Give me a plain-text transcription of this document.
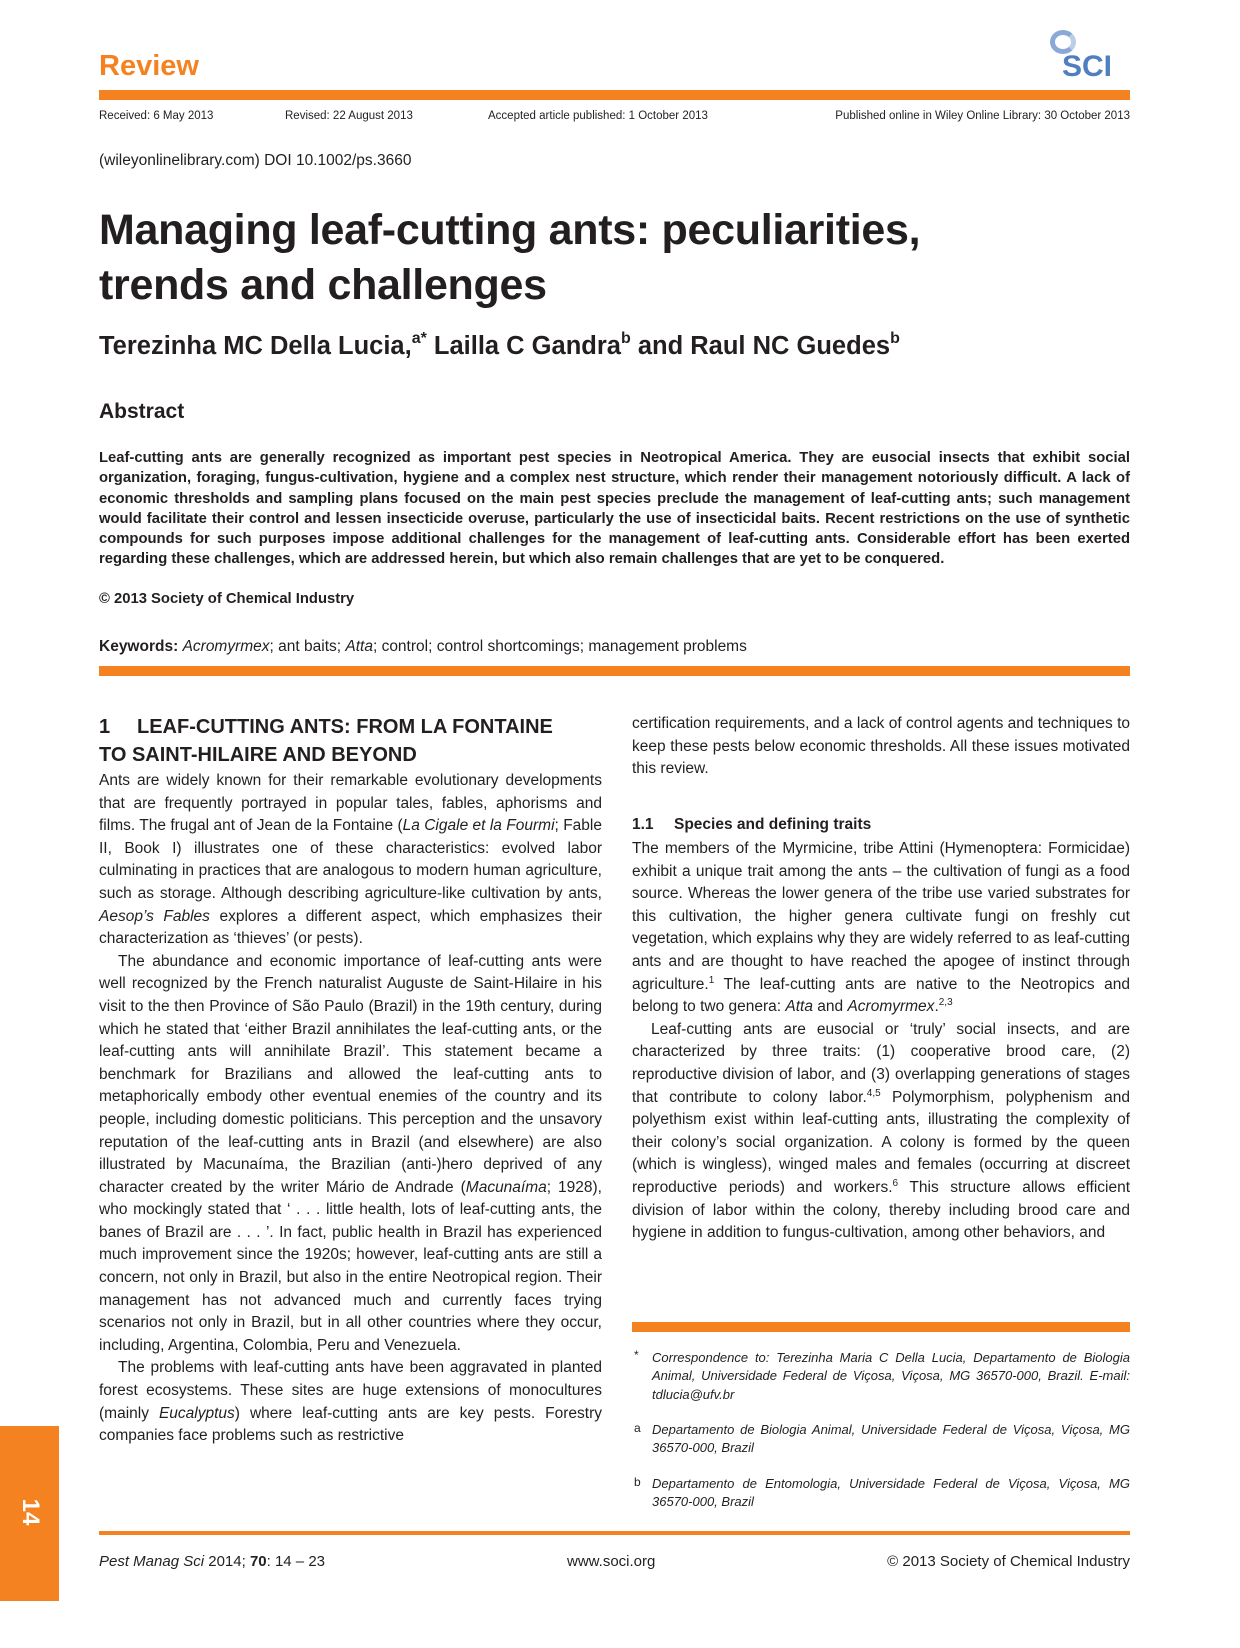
Review	SCI
Received: 6 May 2013	Revised: 22 August 2013	Accepted article published: 1 October 2013	Published online in Wiley Online Library: 30 October 2013
(wileyonlinelibrary.com) DOI 10.1002/ps.3660
Managing leaf-cutting ants: peculiarities,
trends and challenges
Terezinha MC Della Lucia,$^{a*}$ Lailla C Gandra$^b$ and Raul NC Guedes$^b$
Abstract
Leaf-cutting ants are generally recognized as important pest species in Neotropical America. They are eusocial insects that exhibit social organization, foraging, fungus-cultivation, hygiene and a complex nest structure, which render their management notoriously difficult. A lack of economic thresholds and sampling plans focused on the main pest species preclude the management of leaf-cutting ants; such management would facilitate their control and lessen insecticide overuse, particularly the use of insecticidal baits. Recent restrictions on the use of synthetic compounds for such purposes impose additional challenges for the management of leaf-cutting ants. Considerable effort has been exerted regarding these challenges, which are addressed herein, but which also remain challenges that are yet to be conquered.
© 2013 Society of Chemical Industry
Keywords: Acromyrmex; ant baits; Atta; control; control shortcomings; management problems
1 LEAF-CUTTING ANTS: FROM LA FONTAINE
TO SAINT-HILAIRE AND BEYOND

Ants are widely known for their remarkable evolutionary developments that are frequently portrayed in popular tales, fables, aphorisms and films. The frugal ant of Jean de la Fontaine (La Cigale et la Fourmi; Fable II, Book I) illustrates one of these characteristics: evolved labor culminating in practices that are analogous to modern human agriculture, such as storage. Although describing agriculture-like cultivation by ants, Aesop’s Fables explores a different aspect, which emphasizes their characterization as ‘thieves’ (or pests).

The abundance and economic importance of leaf-cutting ants were well recognized by the French naturalist Auguste de Saint-Hilaire in his visit to the then Province of São Paulo (Brazil) in the 19th century, during which he stated that ‘either Brazil annihilates the leaf-cutting ants, or the leaf-cutting ants will annihilate Brazil’. This statement became a benchmark for Brazilians and allowed the leaf-cutting ants to metaphorically embody other eventual enemies of the country and its people, including domestic politicians. This perception and the unsavory reputation of the leaf-cutting ants in Brazil (and elsewhere) are also illustrated by Macunaíma, the Brazilian (anti-)hero deprived of any character created by the writer Mário de Andrade (Macunaíma; 1928), who mockingly stated that ‘ . . . little health, lots of leaf-cutting ants, the banes of Brazil are . . . ’. In fact, public health in Brazil has experienced much improvement since the 1920s; however, leaf-cutting ants are still a concern, not only in Brazil, but also in the entire Neotropical region. Their management has not advanced much and currently faces trying scenarios not only in Brazil, but in all other countries where they occur, including, Argentina, Colombia, Peru and Venezuela.

The problems with leaf-cutting ants have been aggravated in planted forest ecosystems. These sites are huge extensions of monocultures (mainly Eucalyptus) where leaf-cutting ants are key pests. Forestry companies face problems such as restrictive

certification requirements, and a lack of control agents and techniques to keep these pests below economic thresholds. All these issues motivated this review.

1.1 Species and defining traits

The members of the Myrmicine, tribe Attini (Hymenoptera: Formicidae) exhibit a unique trait among the ants – the cultivation of fungi as a food source. Whereas the lower genera of the tribe use varied substrates for this cultivation, the higher genera cultivate fungi on freshly cut vegetation, which explains why they are widely referred to as leaf-cutting ants and are thought to have reached the apogee of instinct through agriculture.$^1$ The leaf-cutting ants are native to the Neotropics and belong to two genera: Atta and Acromyrmex.$^{2,3}$

Leaf-cutting ants are eusocial or ‘truly’ social insects, and are characterized by three traits: (1) cooperative brood care, (2) reproductive division of labor, and (3) overlapping generations of stages that contribute to colony labor.$^{4,5}$ Polymorphism, polyphenism and polyethism exist within leaf-cutting ants, illustrating the complexity of their colony’s social organization. A colony is formed by the queen (which is wingless), winged males and females (occurring at discreet reproductive periods) and workers.$^6$ This structure allows efficient division of labor within the colony, thereby including brood care and hygiene in addition to fungus-cultivation, among other behaviors, and

* Correspondence to: Terezinha Maria C Della Lucia, Departamento de Biologia Animal, Universidade Federal de Viçosa, Viçosa, MG 36570-000, Brazil. E-mail: tdlucia@ufv.br
a Departamento de Biologia Animal, Universidade Federal de Viçosa, Viçosa, MG 36570-000, Brazil
b Departamento de Entomologia, Universidade Federal de Viçosa, Viçosa, MG 36570-000, Brazil
14
Pest Manag Sci 2014; 70: 14 – 23	www.soci.org	© 2013 Society of Chemical Industry
